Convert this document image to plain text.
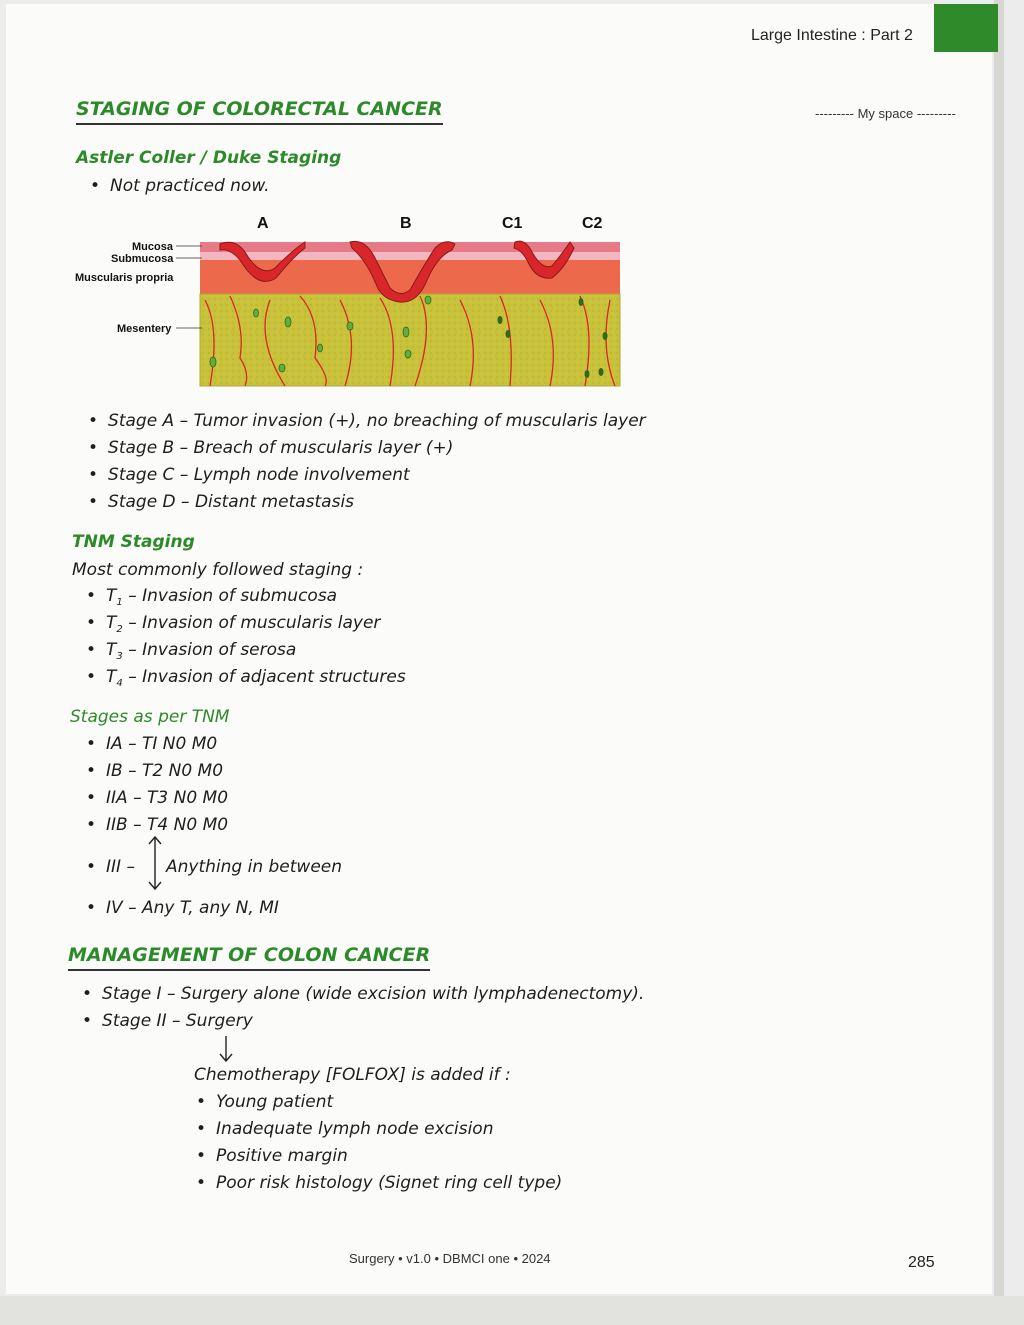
Large Intestine : Part 2
--------- My space ---------
STAGING OF COLORECTAL CANCER
Astler Coller / Duke Staging
• Not practiced now.
A	B	C1	C2
Mucosa
Submucosa
Muscularis propria
Mesentery
• Stage A – Tumor invasion (+), no breaching of muscularis layer
• Stage B – Breach of muscularis layer (+)
• Stage C – Lymph node involvement
• Stage D – Distant metastasis
TNM Staging
Most commonly followed staging :
• $T_1$ – Invasion of submucosa
• $T_2$ – Invasion of muscularis layer
• $T_3$ – Invasion of serosa
• $T_4$ – Invasion of adjacent structures
Stages as per TNM
• IA – TI N0 M0
• IB – T2 N0 M0
• IIA – T3 N0 M0
• IIB – T4 N0 M0
• III – Anything in between
• IV – Any T, any N, MI
MANAGEMENT OF COLON CANCER
• Stage I – Surgery alone (wide excision with lymphadenectomy).
• Stage II – Surgery
Chemotherapy [FOLFOX] is added if :
• Young patient
• Inadequate lymph node excision
• Positive margin
• Poor risk histology (Signet ring cell type)
Surgery • v1.0 • DBMCI one • 2024	285
